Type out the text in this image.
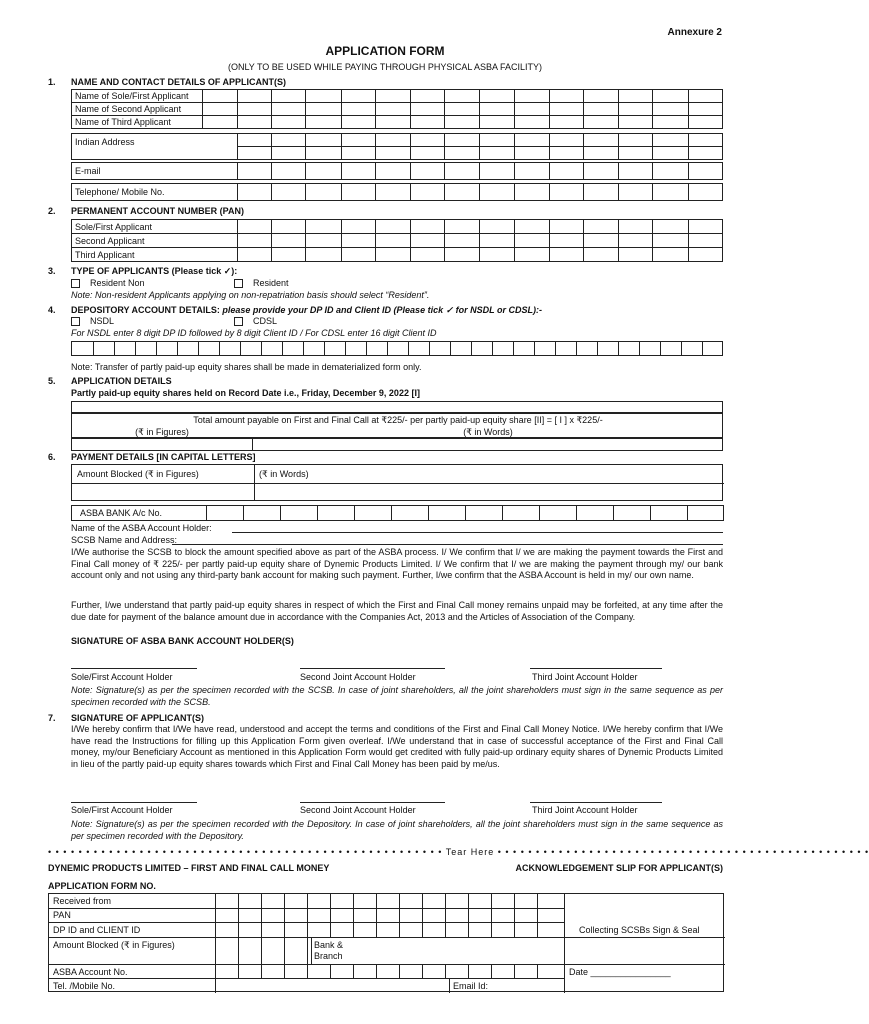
Annexure 2
APPLICATION FORM
(ONLY TO BE USED WHILE PAYING THROUGH PHYSICAL ASBA FACILITY)
1. NAME AND CONTACT DETAILS OF APPLICANT(S)
Name of Sole/First Applicant															
Name of Second Applicant															
Name of Third Applicant															
Indian Address														

E-mail														
Telephone/ Mobile No.														
2. PERMANENT ACCOUNT NUMBER (PAN)
Sole/First Applicant														
Second Applicant														
Third Applicant														
3. TYPE OF APPLICANTS (Please tick ✓):
Resident Non	Resident
Note: Non-resident Applicants applying on non-repatriation basis should select “Resident”.
4. DEPOSITORY ACCOUNT DETAILS: please provide your DP ID and Client ID (Please tick ✓ for NSDL or CDSL):-
NSDL	CDSL
For NSDL enter 8 digit DP ID followed by 8 digit Client ID / For CDSL enter 16 digit Client ID
Note: Transfer of partly paid-up equity shares shall be made in dematerialized form only.
5. APPLICATION DETAILS
Partly paid-up equity shares held on Record Date i.e., Friday, December 9, 2022 [I]
Total amount payable on First and Final Call at ₹225/- per partly paid-up equity share [II] = [ I ] x ₹225/-
(₹ in Figures)	(₹ in Words)
6. PAYMENT DETAILS [IN CAPITAL LETTERS]
Amount Blocked (₹ in Figures)	(₹ in Words)
ASBA BANK A/c No.														
Name of the ASBA Account Holder:
SCSB Name and Address:
I/We authorise the SCSB to block the amount specified above as part of the ASBA process. I/ We confirm that I/ we are making the payment towards the First and Final Call money of ₹ 225/- per partly paid-up equity share of Dynemic Products Limited. I/ We confirm that I/ we are making the payment through my/ our bank account only and not using any third-party bank account for making such payment. Further, I/we confirm that the ASBA Account is held in my/ our own name.
Further, I/we understand that partly paid-up equity shares in respect of which the First and Final Call money remains unpaid may be forfeited, at any time after the due date for payment of the balance amount due in accordance with the Companies Act, 2013 and the Articles of Association of the Company.
SIGNATURE OF ASBA BANK ACCOUNT HOLDER(S)
Sole/First Account Holder	Second Joint Account Holder	Third Joint Account Holder
Note: Signature(s) as per the specimen recorded with the SCSB. In case of joint shareholders, all the joint shareholders must sign in the same sequence as per specimen recorded with the SCSB.
7. SIGNATURE OF APPLICANT(S)
I/We hereby confirm that I/We have read, understood and accept the terms and conditions of the First and Final Call Money Notice. I/We hereby confirm that I/We have read the Instructions for filling up this Application Form given overleaf. I/We understand that in case of successful acceptance of the First and Final Call money, my/our Beneficiary Account as mentioned in this Application Form would get credited with fully paid-up ordinary equity shares of Dynemic Products Limited in lieu of the partly paid-up equity shares towards which First and Final Call Money has been paid by me/us.
Sole/First Account Holder	Second Joint Account Holder	Third Joint Account Holder
Note: Signature(s) as per the specimen recorded with the Depository. In case of joint shareholders, all the joint shareholders must sign in the same sequence as per specimen recorded with the Depository.
• • • • • • • • • • • • • • • • • • • • • • • • • • • • • • • • • • • • • • • • • • • • • • • • • • • • Tear Here • • • • • • • • • • • • • • • • • • • • • • • • • • • • • • • • • • • • • • • • • • • • • • • • •
DYNEMIC PRODUCTS LIMITED – FIRST AND FINAL CALL MONEY	ACKNOWLEDGEMENT SLIP FOR APPLICANT(S)
APPLICATION FORM NO.
Received from
PAN
DP ID and CLIENT ID
Amount Blocked (₹ in Figures)	Bank &
Branch
ASBA Account No.
Tel. /Mobile No.	Email Id:
Collecting SCSBs Sign & Seal
Date ________________
